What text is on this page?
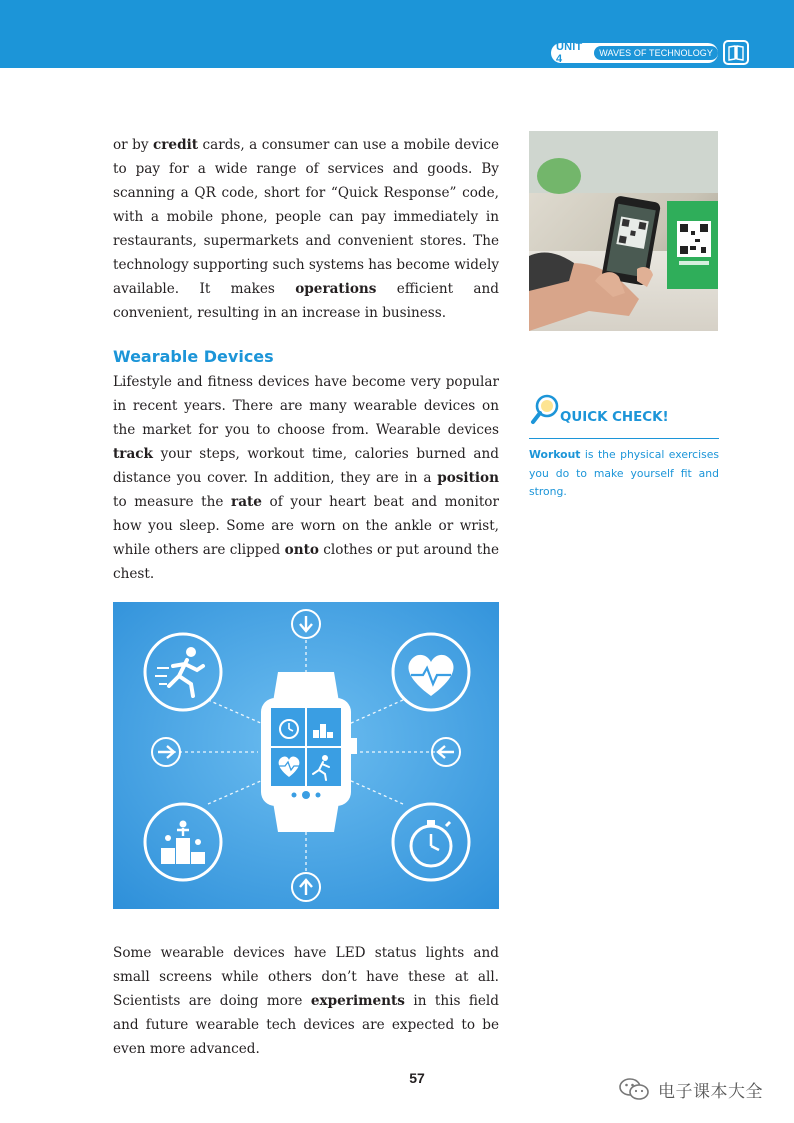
UNIT 4	WAVES OF TECHNOLOGY

or by credit cards, a consumer can use a mobile device to pay for a wide range of services and goods. By scanning a QR code, short for “Quick Response” code, with a mobile phone, people can pay immediately in restaurants, supermarkets and convenient stores. The technology supporting such systems has become widely available. It makes operations efficient and convenient, resulting in an increase in business.

Wearable Devices

Lifestyle and fitness devices have become very popular in recent years. There are many wearable devices on the market for you to choose from. Wearable devices track your steps, workout time, calories burned and distance you cover. In addition, they are in a position to measure the rate of your heart beat and monitor how you sleep. Some are worn on the ankle or wrist, while others are clipped onto clothes or put around the chest.

QUICK CHECK!

Workout is the physical exercises you do to make yourself fit and strong.

Some wearable devices have LED status lights and small screens while others don’t have these at all. Scientists are doing more experiments in this field and future wearable tech devices are expected to be even more advanced.

57
电子课本大全
